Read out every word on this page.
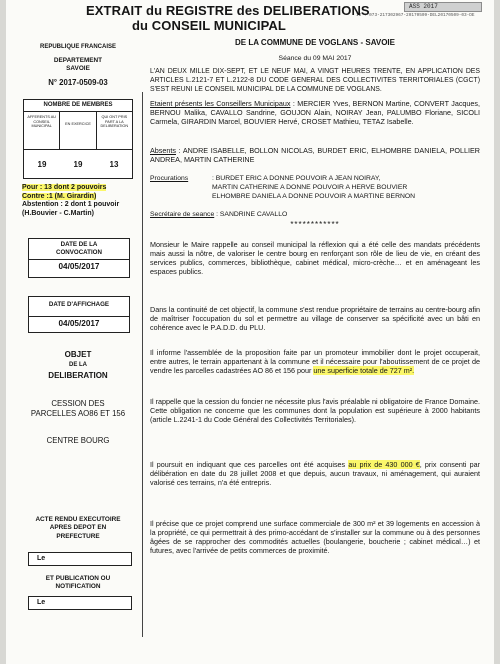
ASS 2017
ID : 073-217302967-20170509-DEL20170509-03-DE
EXTRAIT du REGISTRE des DELIBERATIONS
du CONSEIL MUNICIPAL
REPUBLIQUE FRANCAISE
DEPARTEMENT
SAVOIE
N° 2017-0509-03
NOMBRE DE MEMBRES
AFFERENTS AU CONSEIL MUNICIPAL
EN EXERCICE
QUI ONT PRIS PART A LA DELIBERATION
19	19	13
Pour : 13 dont 2 pouvoirs
Contre :1 (M. Girardin)
Abstention : 2 dont 1 pouvoir (H.Bouvier - C.Martin)
DATE DE LA CONVOCATION
04/05/2017
DATE D'AFFICHAGE
04/05/2017
OBJET
DE LA
DELIBERATION
CESSION DES PARCELLES AO86 ET 156
CENTRE BOURG
ACTE RENDU EXECUTOIRE APRES DEPOT EN PREFECTURE
Le
ET PUBLICATION OU NOTIFICATION
Le
DE LA COMMUNE DE VOGLANS - SAVOIE
Séance du 09 MAI 2017
L'AN DEUX MILLE DIX-SEPT, ET LE NEUF MAI, A VINGT HEURES TRENTE, EN APPLICATION DES ARTICLES L.2121-7 ET L.2122-8 DU CODE GENERAL DES COLLECTIVITES TERRITORIALES (CGCT) S'EST REUNI LE CONSEIL MUNICIPAL DE LA COMMUNE DE VOGLANS.
Etaient présents les Conseillers Municipaux : MERCIER Yves, BERNON Martine, CONVERT Jacques, BERNOU Malika, CAVALLO Sandrine, GOUJON Alain, NOIRAY Jean, PALUMBO Floriane, SICOLI Carmela, GIRARDIN Marcel, BOUVIER Hervé, CROSET Mathieu, TETAZ Isabelle.
Absents : ANDRE ISABELLE, BOLLON NICOLAS, BURDET ERIC, ELHOMBRE DANIELA, POLLIER ANDREA, MARTIN CATHERINE
Procurations	: BURDET ERIC A DONNE POUVOIR A JEAN NOIRAY,
MARTIN CATHERINE A DONNE POUVOIR A HERVE BOUVIER
ELHOMBRE DANIELA A DONNE POUVOIR A MARTINE BERNON
Secrétaire de seance : SANDRINE CAVALLO
************
Monsieur le Maire rappelle au conseil municipal la réflexion qui a été celle des mandats précédents mais aussi la nôtre, de valoriser le centre bourg en renforçant son rôle de lieu de vie, en créant des services publics, commerces, bibliothèque, cabinet médical, micro-crèche… et en aménageant les espaces publics.
Dans la continuité de cet objectif, la commune s'est rendue propriétaire de terrains au centre-bourg afin de maîtriser l'occupation du sol et permettre au village de conserver sa spécificité avec un bâti en cohérence avec le P.A.D.D. du PLU.
Il informe l'assemblée de la proposition faite par un promoteur immobilier dont le projet occuperait, entre autres, le terrain appartenant à la commune et il nécessaire pour l'aboutissement de ce projet de vendre les parcelles cadastrées AO 86 et 156 pour une superficie totale de 727 m².
Il rappelle que la cession du foncier ne nécessite plus l'avis préalable ni obligatoire de France Domaine. Cette obligation ne concerne que les communes dont la population est supérieure à 2000 habitants (article L.2241-1 du Code Général des Collectivités Territoriales).
Il poursuit en indiquant que ces parcelles ont été acquises au prix de 430 000 €, prix consenti par délibération en date du 28 juillet 2008 et que depuis, aucun travaux, ni aménagement, qui auraient valorisé ces terrains, n'a été entrepris.
Il précise que ce projet comprend une surface commerciale de 300 m² et 39 logements en accession à la propriété, ce qui permettrait à des primo-accédant de s'installer sur la commune ou à des personnes âgées de se rapprocher des commodités actuelles (boulangerie, boucherie ; cabinet médical…) et futures, avec l'arrivée de petits commerces de proximité.
